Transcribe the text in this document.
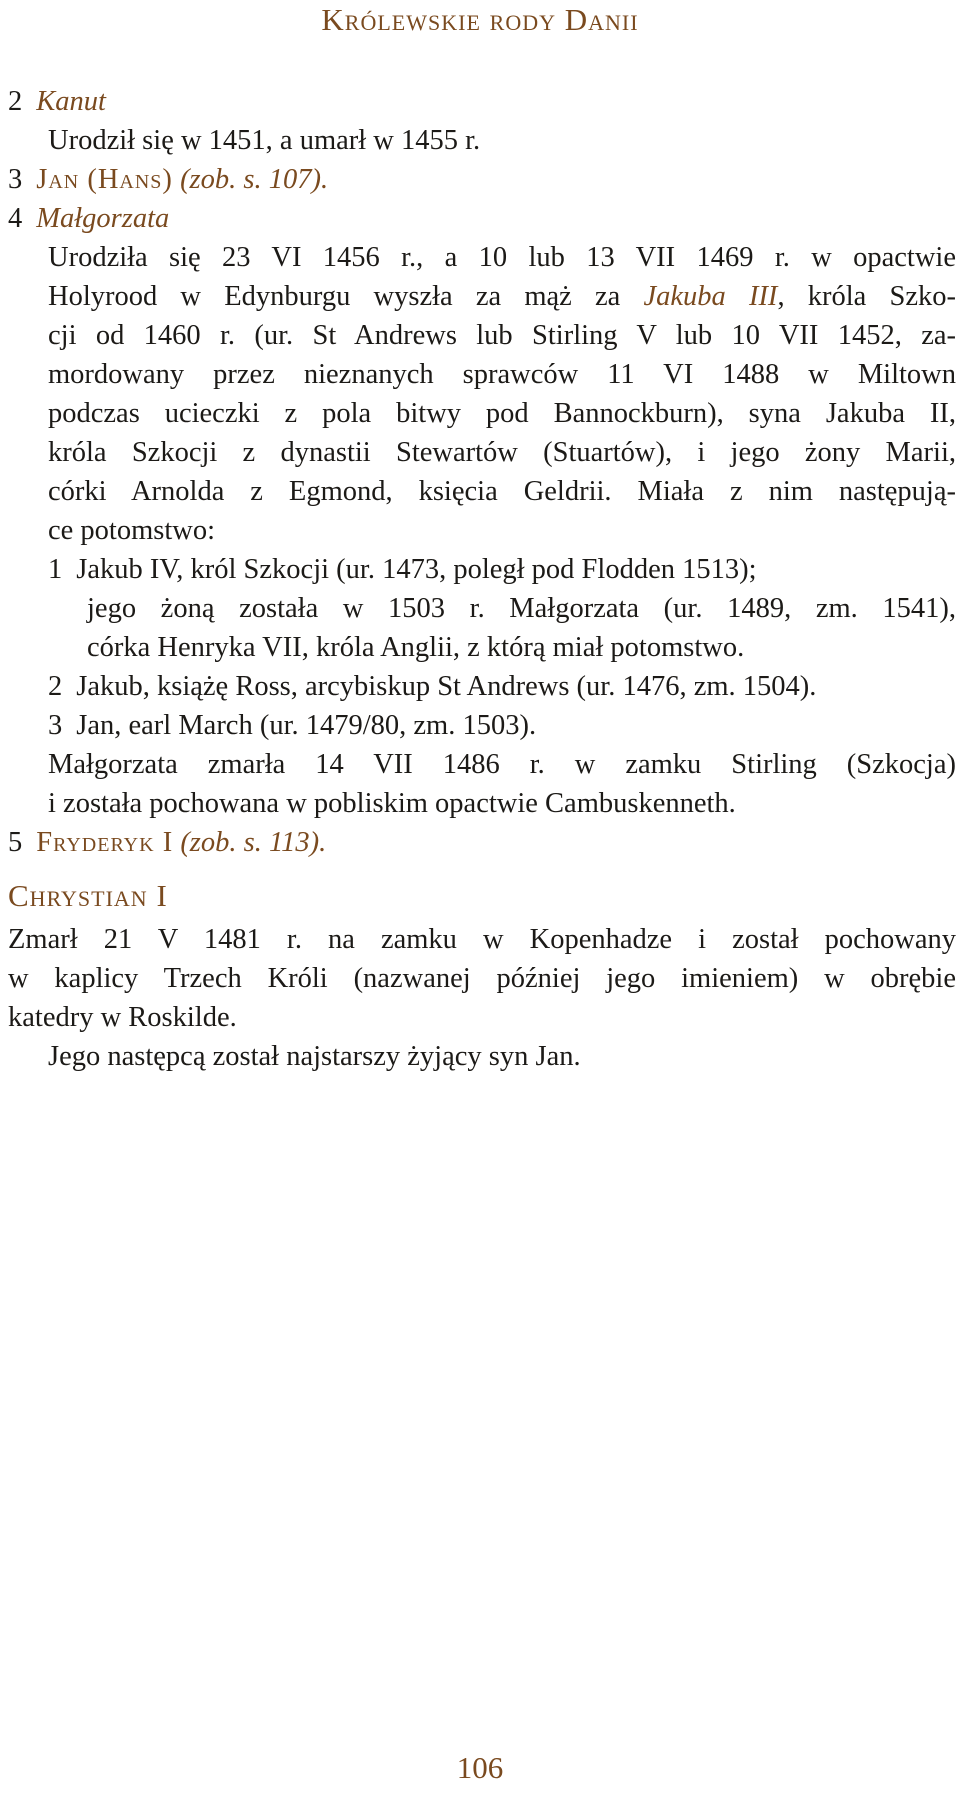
Królewskie rody Danii
2 Kanut
Urodził się w 1451, a umarł w 1455 r.
3 Jan (Hans) (zob. s. 107).
4 Małgorzata
Urodziła się 23 VI 1456 r., a 10 lub 13 VII 1469 r. w opactwie
Holyrood w Edynburgu wyszła za mąż za Jakuba III, króla Szko-
cji od 1460 r. (ur. St Andrews lub Stirling V lub 10 VII 1452, za-
mordowany przez nieznanych sprawców 11 VI 1488 w Miltown
podczas ucieczki z pola bitwy pod Bannockburn), syna Jakuba II,
króla Szkocji z dynastii Stewartów (Stuartów), i jego żony Marii,
córki Arnolda z Egmond, księcia Geldrii. Miała z nim następują-
ce potomstwo:
1 Jakub IV, król Szkocji (ur. 1473, poległ pod Flodden 1513);
jego żoną została w 1503 r. Małgorzata (ur. 1489, zm. 1541),
córka Henryka VII, króla Anglii, z którą miał potomstwo.
2 Jakub, książę Ross, arcybiskup St Andrews (ur. 1476, zm. 1504).
3 Jan, earl March (ur. 1479/80, zm. 1503).
Małgorzata zmarła 14 VII 1486 r. w zamku Stirling (Szkocja)
i została pochowana w pobliskim opactwie Cambuskenneth.
5 Fryderyk I (zob. s. 113).
Chrystian I
Zmarł 21 V 1481 r. na zamku w Kopenhadze i został pochowany
w kaplicy Trzech Króli (nazwanej później jego imieniem) w obrębie
katedry w Roskilde.
Jego następcą został najstarszy żyjący syn Jan.
106
